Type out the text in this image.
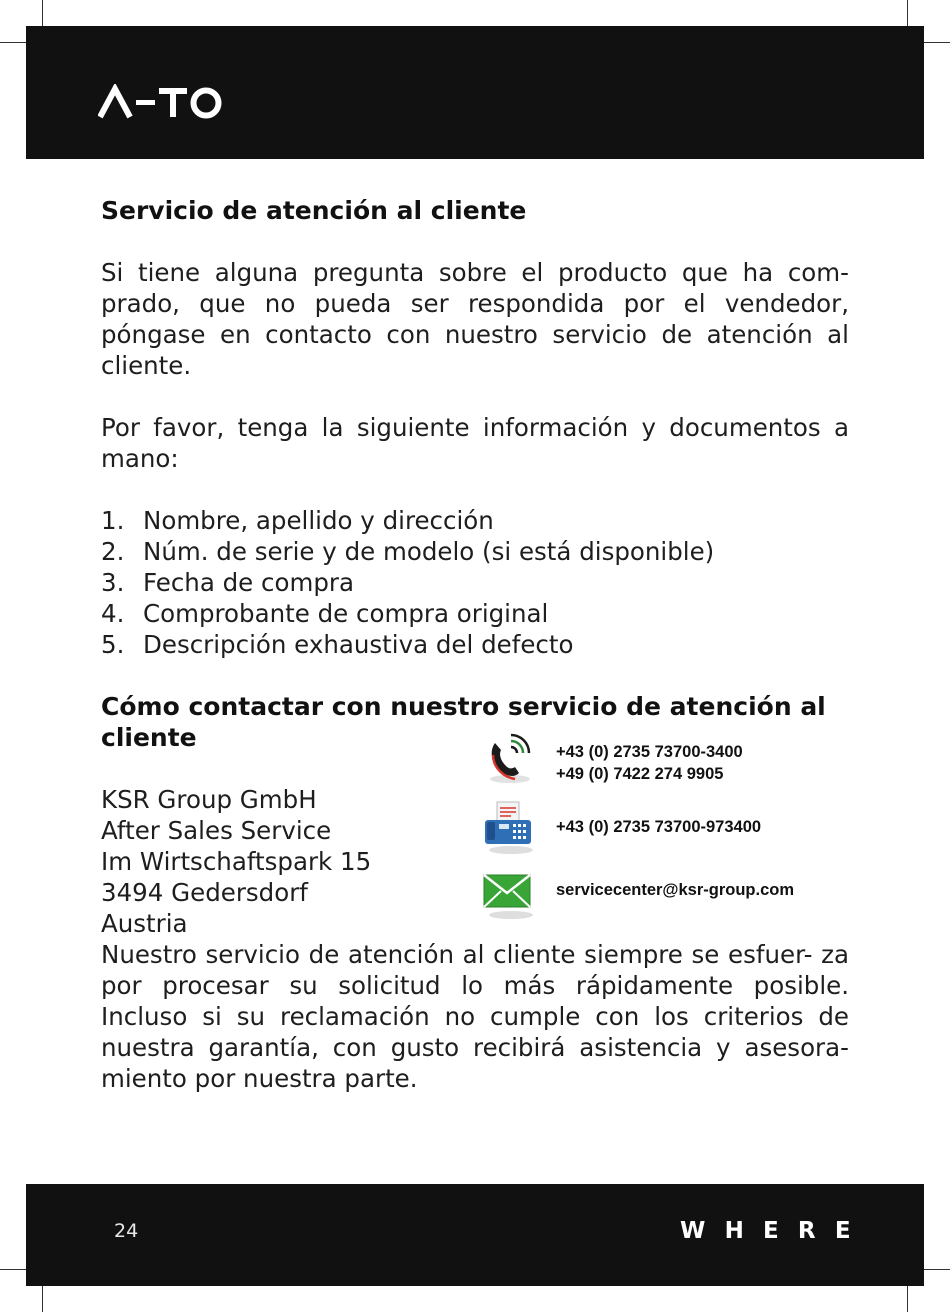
Servicio de atención al cliente

Si tiene alguna pregunta sobre el producto que ha com- prado, que no pueda ser respondida por el vendedor, póngase en contacto con nuestro servicio de atención al cliente.

Por favor, tenga la siguiente información y documentos a mano:

1. Nombre, apellido y dirección
2. Núm. de serie y de modelo (si está disponible)
3. Fecha de compra
4. Comprobante de compra original
5. Descripción exhaustiva del defecto
Cómo contactar con nuestro servicio de atención al cliente
KSR Group GmbH
After Sales Service
Im Wirtschaftspark 15
3494 Gedersdorf
Austria
+43 (0) 2735 73700-3400
+49 (0) 7422 274 9905
+43 (0) 2735 73700-973400
servicecenter@ksr-group.com

Nuestro servicio de atención al cliente siempre se esfuer- za por procesar su solicitud lo más rápidamente posible. Incluso si su reclamación no cumple con los criterios de nuestra garantía, con gusto recibirá asistencia y asesora- miento por nuestra parte.

24	WHERE
